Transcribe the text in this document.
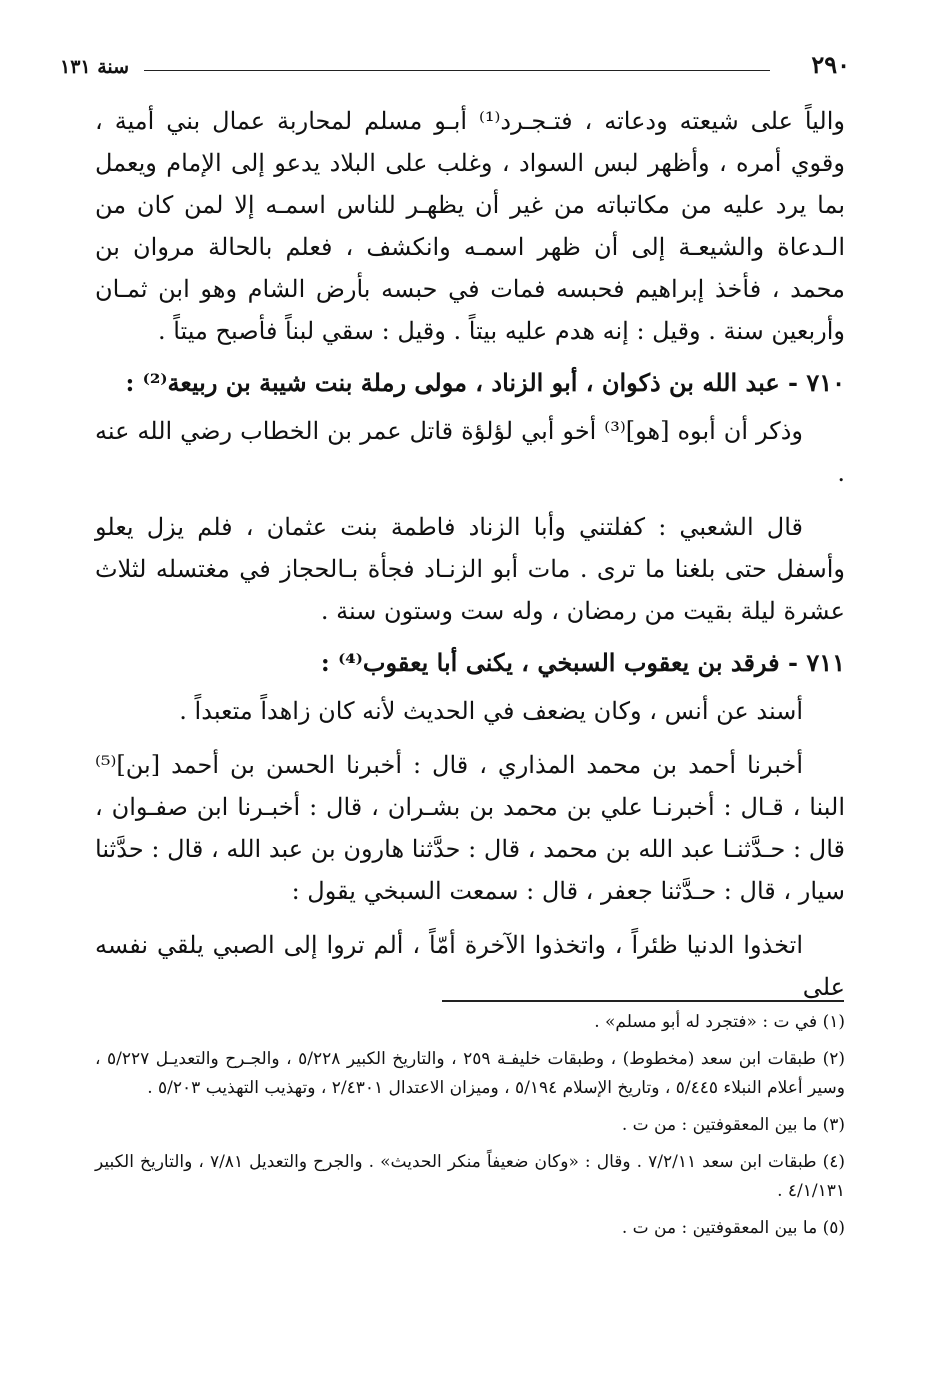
٢٩٠
سنة ١٣١

والياً على شيعته ودعاته ، فتـجـرد⁽¹⁾ أبـو مسلم لمحاربة عمال بني أمية ، وقوي أمره ، وأظهر لبس السواد ، وغلب على البلاد يدعو إلى الإمام ويعمل بما يرد عليه من مكاتباته من غير أن يظهـر للناس اسمـه إلا لمن كان من الـدعاة والشيعـة إلى أن ظهر اسمـه وانكشف ، فعلم بالحالة مروان بن محمد ، فأخذ إبراهيم فحبسه فمات في حبسه بأرض الشام وهو ابن ثمـان وأربعين سنة . وقيل : إنه هدم عليه بيتاً . وقيل : سقي لبناً فأصبح ميتاً .

٧١٠ - عبد الله بن ذكوان ، أبو الزناد ، مولى رملة بنت شيبة بن ربيعة⁽²⁾ :

وذكر أن أبوه [هو]⁽³⁾ أخو أبي لؤلؤة قاتل عمر بن الخطاب رضي الله عنه .

قال الشعبي : كفلتني وأبا الزناد فاطمة بنت عثمان ، فلم يزل يعلو وأسفل حتى بلغنا ما ترى . مات أبو الزنـاد فجأة بـالحجاز في مغتسله لثلاث عشرة ليلة بقيت من رمضان ، وله ست وستون سنة .

٧١١ - فرقد بن يعقوب السبخي ، يكنى أبا يعقوب⁽⁴⁾ :

أسند عن أنس ، وكان يضعف في الحديث لأنه كان زاهداً متعبداً .

أخبرنا أحمد بن محمد المذاري ، قال : أخبرنا الحسن بن أحمد [بن]⁽⁵⁾ البنا ، قـال : أخبرنـا علي بن محمد بن بشـران ، قال : أخبـرنا ابن صفـوان ، قال : حـدَّثنـا عبد الله بن محمد ، قال : حدَّثنا هارون بن عبد الله ، قال : حدَّثنا سيار ، قال : حـدَّثنا جعفر ، قال : سمعت السبخي يقول :

اتخذوا الدنيا ظئراً ، واتخذوا الآخرة أمّاً ، ألم تروا إلى الصبي يلقي نفسه على

(١) في ت : «فتجرد له أبو مسلم» .

(٢) طبقات ابن سعد (مخطوط) ، وطبقات خليفـة ٢٥٩ ، والتاريخ الكبير ٥/٢٢٨ ، والجـرح والتعديـل ٥/٢٢٧ ، وسير أعلام النبلاء ٥/٤٤٥ ، وتاريخ الإسلام ٥/١٩٤ ، وميزان الاعتدال ٢/٤٣٠١ ، وتهذيب التهذيب ٥/٢٠٣ .

(٣) ما بين المعقوفتين : من ت .

(٤) طبقات ابن سعد ٧/٢/١١ . وقال : «وكان ضعيفاً منكر الحديث» . والجرح والتعديل ٧/٨١ ، والتاريخ الكبير ٤/١/١٣١ .

(٥) ما بين المعقوفتين : من ت .
